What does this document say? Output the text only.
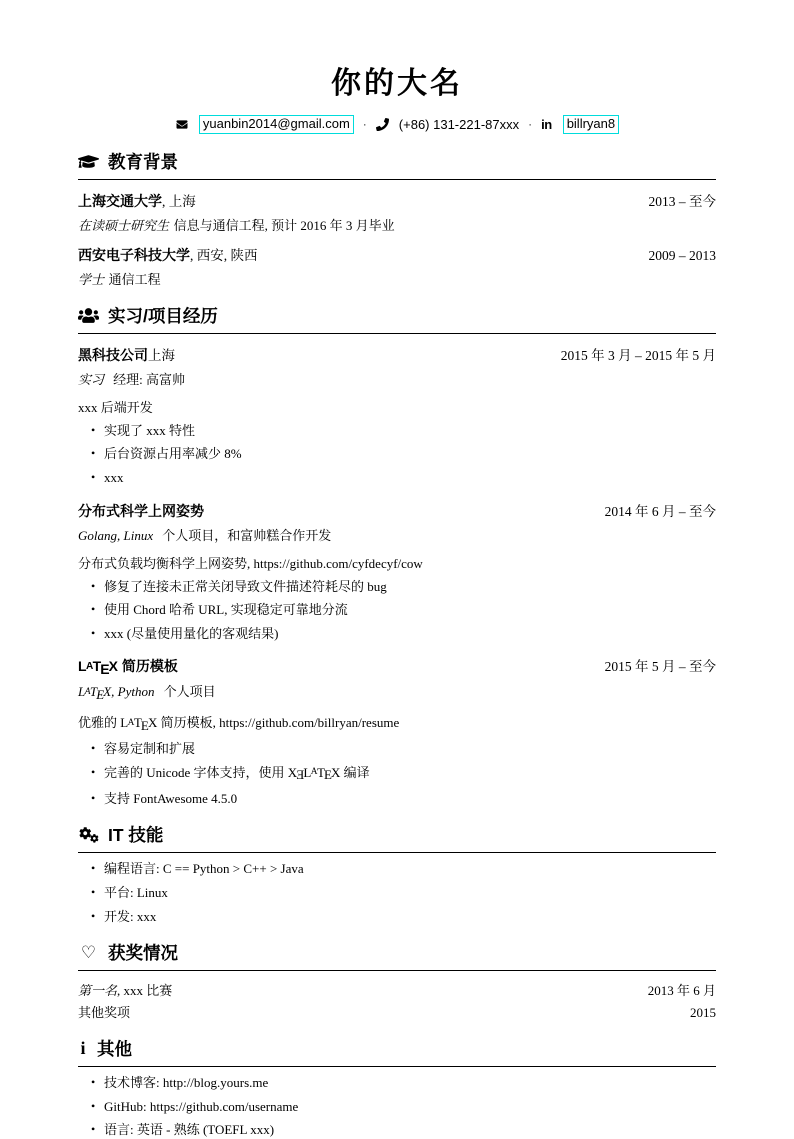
你的大名
yuanbin2014@gmail.com	· (+86) 131-221-87xxx · in	billryan8
教育背景
上海交通大学, 上海	2013 – 至今
在读硕士研究生 信息与通信工程, 预计 2016 年 3 月毕业
西安电子科技大学, 西安, 陕西	2009 – 2013
学士 通信工程
实习/项目经历
黑科技公司上海	2015 年 3 月 – 2015 年 5 月
实习 经理: 高富帅

xxx 后端开发

• 实现了 xxx 特性
• 后台资源占用率减少 8%
• xxx
分布式科学上网姿势	2014 年 6 月 – 至今
Golang, Linux 个人项目，和富帅糕合作开发

分布式负载均衡科学上网姿势, https://github.com/cyfdecyf/cow

• 修复了连接未正常关闭导致文件描述符耗尽的 bug
• 使用 Chord 哈希 URL, 实现稳定可靠地分流
• xxx (尽量使用量化的客观结果)
LATEX 简历模板	2015 年 5 月 – 至今
LATEX, Python 个人项目

优雅的 LATEX 简历模板, https://github.com/billryan/resume

• 容易定制和扩展
• 完善的 Unicode 字体支持，使用 XƎLATEX 编译
• 支持 FontAwesome 4.5.0
IT 技能
• 编程语言: C == Python > C++ > Java
• 平台: Linux
• 开发: xxx
♡ 获奖情况
第一名, xxx 比赛	2013 年 6 月
其他奖项	2015
i 其他
• 技术博客: http://blog.yours.me
• GitHub: https://github.com/username
• 语言: 英语 - 熟练 (TOEFL xxx)
